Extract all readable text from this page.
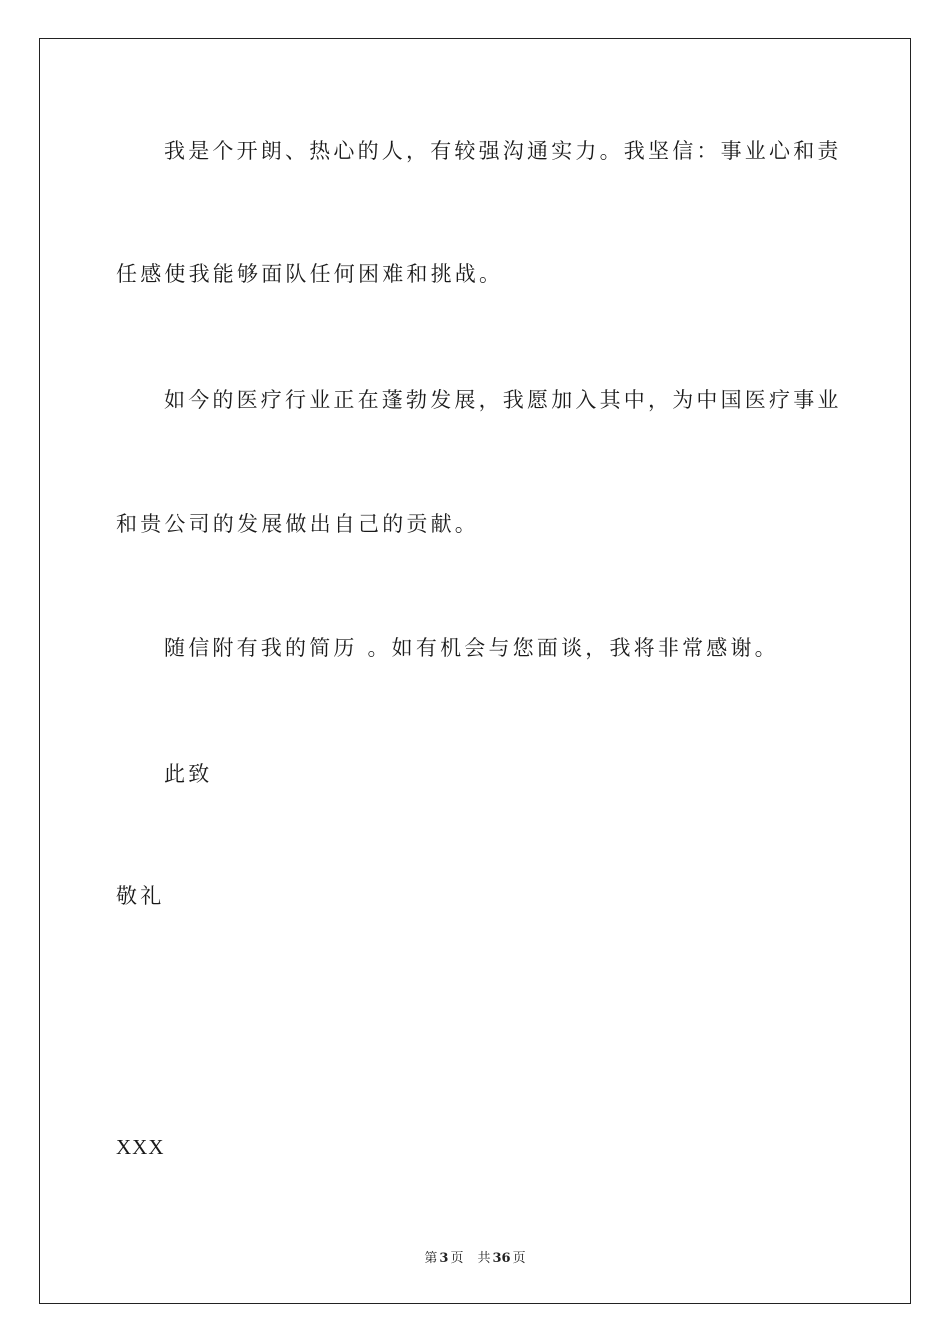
我是个开朗、热心的人，有较强沟通实力。我坚信：事业心和责
任感使我能够面队任何困难和挑战。
如今的医疗行业正在蓬勃发展，我愿加入其中，为中国医疗事业
和贵公司的发展做出自己的贡献。
随信附有我的简历 。如有机会与您面谈，我将非常感谢。
此致
敬礼
XXX
第 3 页 共 36 页
